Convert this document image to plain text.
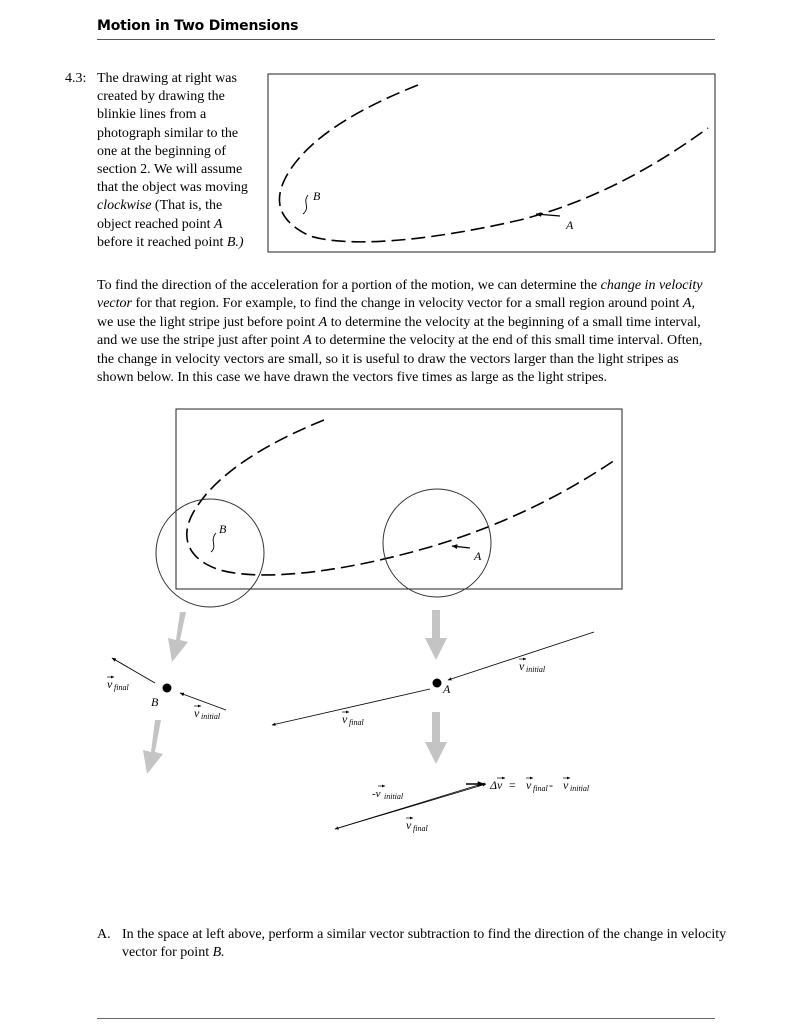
Motion in Two Dimensions
4.3: The drawing at right was created by drawing the blinkie lines from a photograph similar to the one at the beginning of section 2. We will assume that the object was moving clockwise (That is, the object reached point A before it reached point B.)
To find the direction of the acceleration for a portion of the motion, we can determine the change in velocity vector for that region. For example, to find the change in velocity vector for a small region around point A, we use the light stripe just before point A to determine the velocity at the beginning of a small time interval, and we use the stripe just after point A to determine the velocity at the end of this small time interval. Often, the change in velocity vectors are small, so it is useful to draw the vectors larger than the light stripes as shown below. In this case we have drawn the vectors five times as large as the light stripes.
B
A
B
A
B
v final
v initial
A
v initial
v final
-v initial
v final
Δv = v final - v initial
A. In the space at left above, perform a similar vector subtraction to find the direction of the change in velocity vector for point B.
